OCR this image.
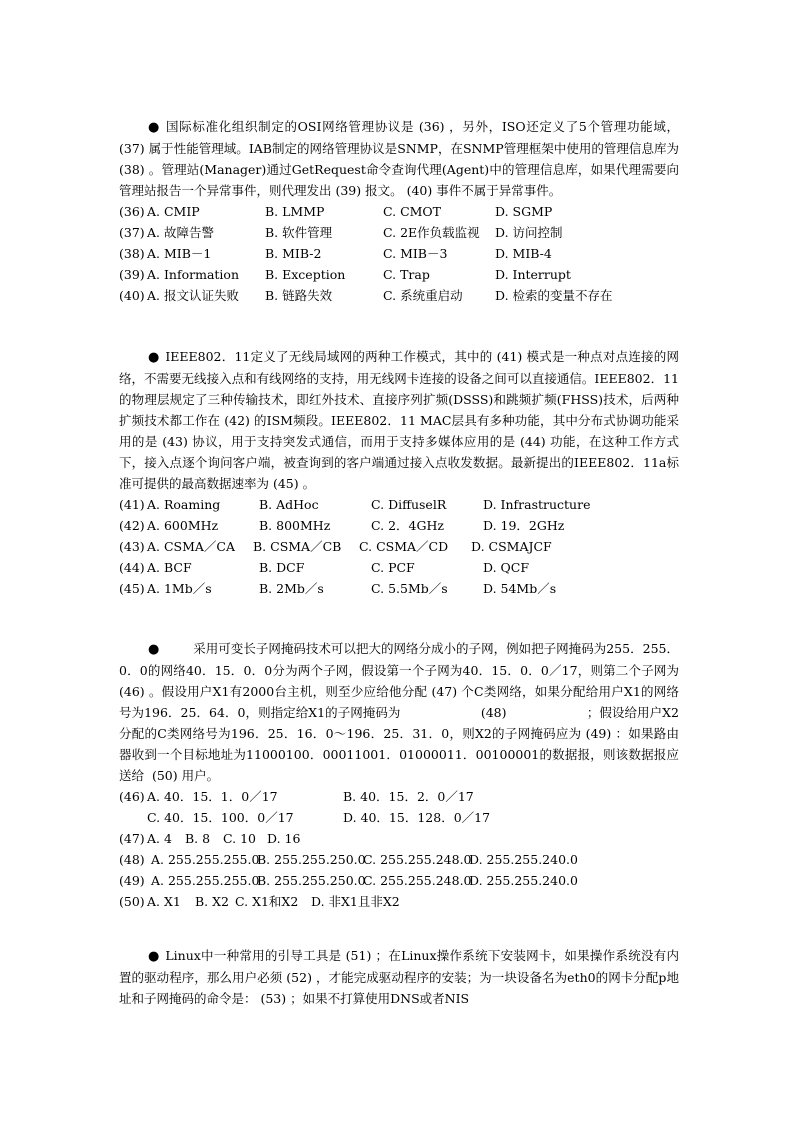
● 国际标准化组织制定的OSI网络管理协议是 (36) ，另外，ISO还定义了5个管理功能域， (37) 属于性能管理域。IAB制定的网络管理协议是SNMP，在SNMP管理框架中使用的管理信息库为 (38) 。管理站(Manager)通过GetRequest命令查询代理(Agent)中的管理信息库，如果代理需要向管理站报告一个异常事件，则代理发出 (39) 报文。 (40) 事件不属于异常事件。

(36) A. CMIP	B. LMMP	C. CMOT	D. SGMP
(37) A. 故障告警	B. 软件管理	C. 2E作负载监视 D. 访问控制
(38) A. MIB－1	B. MIB-2	C. MIB－3	D. MIB-4
(39) A. Information B. Exception	C. Trap	D. Interrupt
(40) A. 报文认证失败 B. 链路失效	C. 系统重启动	D. 检索的变量不存在

● IEEE802．11定义了无线局域网的两种工作模式，其中的 (41) 模式是一种点对点连接的网络，不需要无线接入点和有线网络的支持，用无线网卡连接的设备之间可以直接通信。IEEE802．11的物理层规定了三种传输技术，即红外技术、直接序列扩频(DSSS)和跳频扩频(FHSS)技术，后两种扩频技术都工作在 (42) 的ISM频段。IEEE802．11 MAC层具有多种功能，其中分布式协调功能采用的是 (43) 协议，用于支持突发式通信，而用于支持多媒体应用的是 (44) 功能，在这种工作方式下，接入点逐个询问客户端，被查询到的客户端通过接入点收发数据。最新提出的IEEE802．11a标准可提供的最高数据速率为 (45) 。

(41) A. Roaming	B. AdHoc	C. DiffuselR	D. Infrastructure
(42) A. 600MHz	B. 800MHz	C. 2．4GHz	D. 19．2GHz
(43) A. CSMA／CA B. CSMA／CB C. CSMA／CD D. CSMAJCF
(44) A. BCF	B. DCF	C. PCF	D. QCF
(45) A. 1Mb／s	B. 2Mb／s	C. 5.5Mb／s	D. 54Mb／s

●       采用可变长子网掩码技术可以把大的网络分成小的子网，例如把子网掩码为255．255．0．0的网络40．15．0．0分为两个子网，假设第一个子网为40．15．0．0／17，则第二个子网为 (46) 。假设用户X1有2000台主机，则至少应给他分配 (47) 个C类网络，如果分配给用户X1的网络号为196．25．64．0，则指定给X1的子网掩码为                    (48)                    ；假设给用户X2分配的C类网络号为196．25．16．0～196．25．31．0，则X2的子网掩码应为 (49) ：如果路由器收到一个目标地址为11000100．00011001．01000011．00100001的数据报，则该数据报应送给  (50) 用户。

(46) A. 40．15．1．0／17	B. 40．15．2．0／17
C. 40．15．100．0／17	D. 40．15．128．0／17
(47) A. 4 B. 8 C. 10 D. 16
(48) A. 255.255.255.0B. 255.255.250.0C. 255.255.248.0D. 255.255.240.0
(49) A. 255.255.255.0B. 255.255.250.0C. 255.255.248.0D. 255.255.240.0
(50) A. X1 B. X2 C. X1和X2 D. 非X1且非X2

● Linux中一种常用的引导工具是 (51) ；在Linux操作系统下安装网卡，如果操作系统没有内置的驱动程序，那么用户必须 (52) ，才能完成驱动程序的安装；为一块设备名为eth0的网卡分配p地址和子网掩码的命令是： (53) ；如果不打算使用DNS或者NIS
